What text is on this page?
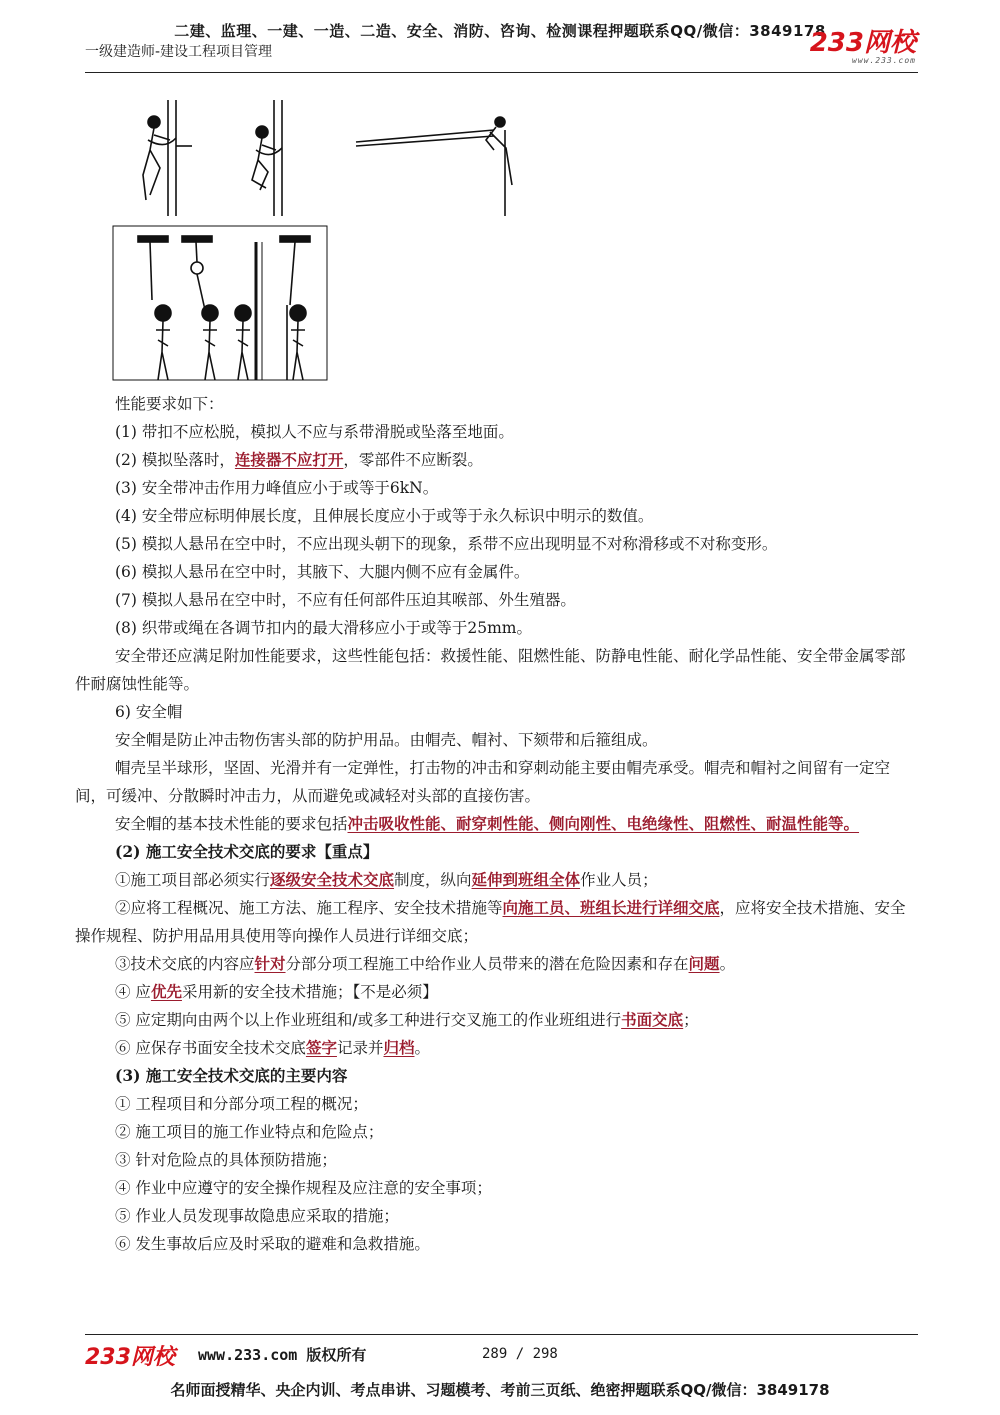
二建、监理、一建、一造、二造、安全、消防、咨询、检测课程押题联系QQ/微信：3849178
一级建造师-建设工程项目管理	233网校
www.233.com

性能要求如下：

(1) 带扣不应松脱，模拟人不应与系带滑脱或坠落至地面。

(2) 模拟坠落时，连接器不应打开，零部件不应断裂。

(3) 安全带冲击作用力峰值应小于或等于6kN。

(4) 安全带应标明伸展长度，且伸展长度应小于或等于永久标识中明示的数值。

(5) 模拟人悬吊在空中时，不应出现头朝下的现象，系带不应出现明显不对称滑移或不对称变形。

(6) 模拟人悬吊在空中时，其腋下、大腿内侧不应有金属件。

(7) 模拟人悬吊在空中时，不应有任何部件压迫其喉部、外生殖器。

(8) 织带或绳在各调节扣内的最大滑移应小于或等于25mm。

安全带还应满足附加性能要求，这些性能包括：救援性能、阻燃性能、防静电性能、耐化学品性能、安全带金属零部件耐腐蚀性能等。

6) 安全帽

安全帽是防止冲击物伤害头部的防护用品。由帽壳、帽衬、下颏带和后箍组成。

帽壳呈半球形，坚固、光滑并有一定弹性，打击物的冲击和穿刺动能主要由帽壳承受。帽壳和帽衬之间留有一定空间，可缓冲、分散瞬时冲击力，从而避免或减轻对头部的直接伤害。

安全帽的基本技术性能的要求包括冲击吸收性能、耐穿刺性能、侧向刚性、电绝缘性、阻燃性、耐温性能等。

(2) 施工安全技术交底的要求【重点】

①施工项目部必须实行逐级安全技术交底制度，纵向延伸到班组全体作业人员；

②应将工程概况、施工方法、施工程序、安全技术措施等向施工员、班组长进行详细交底，应将安全技术措施、安全操作规程、防护用品用具使用等向操作人员进行详细交底；

③技术交底的内容应针对分部分项工程施工中给作业人员带来的潜在危险因素和存在问题。

④ 应优先采用新的安全技术措施；【不是必须】

⑤ 应定期向由两个以上作业班组和/或多工种进行交叉施工的作业班组进行书面交底；

⑥ 应保存书面安全技术交底签字记录并归档。

(3) 施工安全技术交底的主要内容

① 工程项目和分部分项工程的概况；

② 施工项目的施工作业特点和危险点；

③ 针对危险点的具体预防措施；

④ 作业中应遵守的安全操作规程及应注意的安全事项；

⑤ 作业人员发现事故隐患应采取的措施；

⑥ 发生事故后应及时采取的避难和急救措施。

233网校 www.233.com 版权所有	289 / 298
名师面授精华、央企内训、考点串讲、习题模考、考前三页纸、绝密押题联系QQ/微信：3849178
